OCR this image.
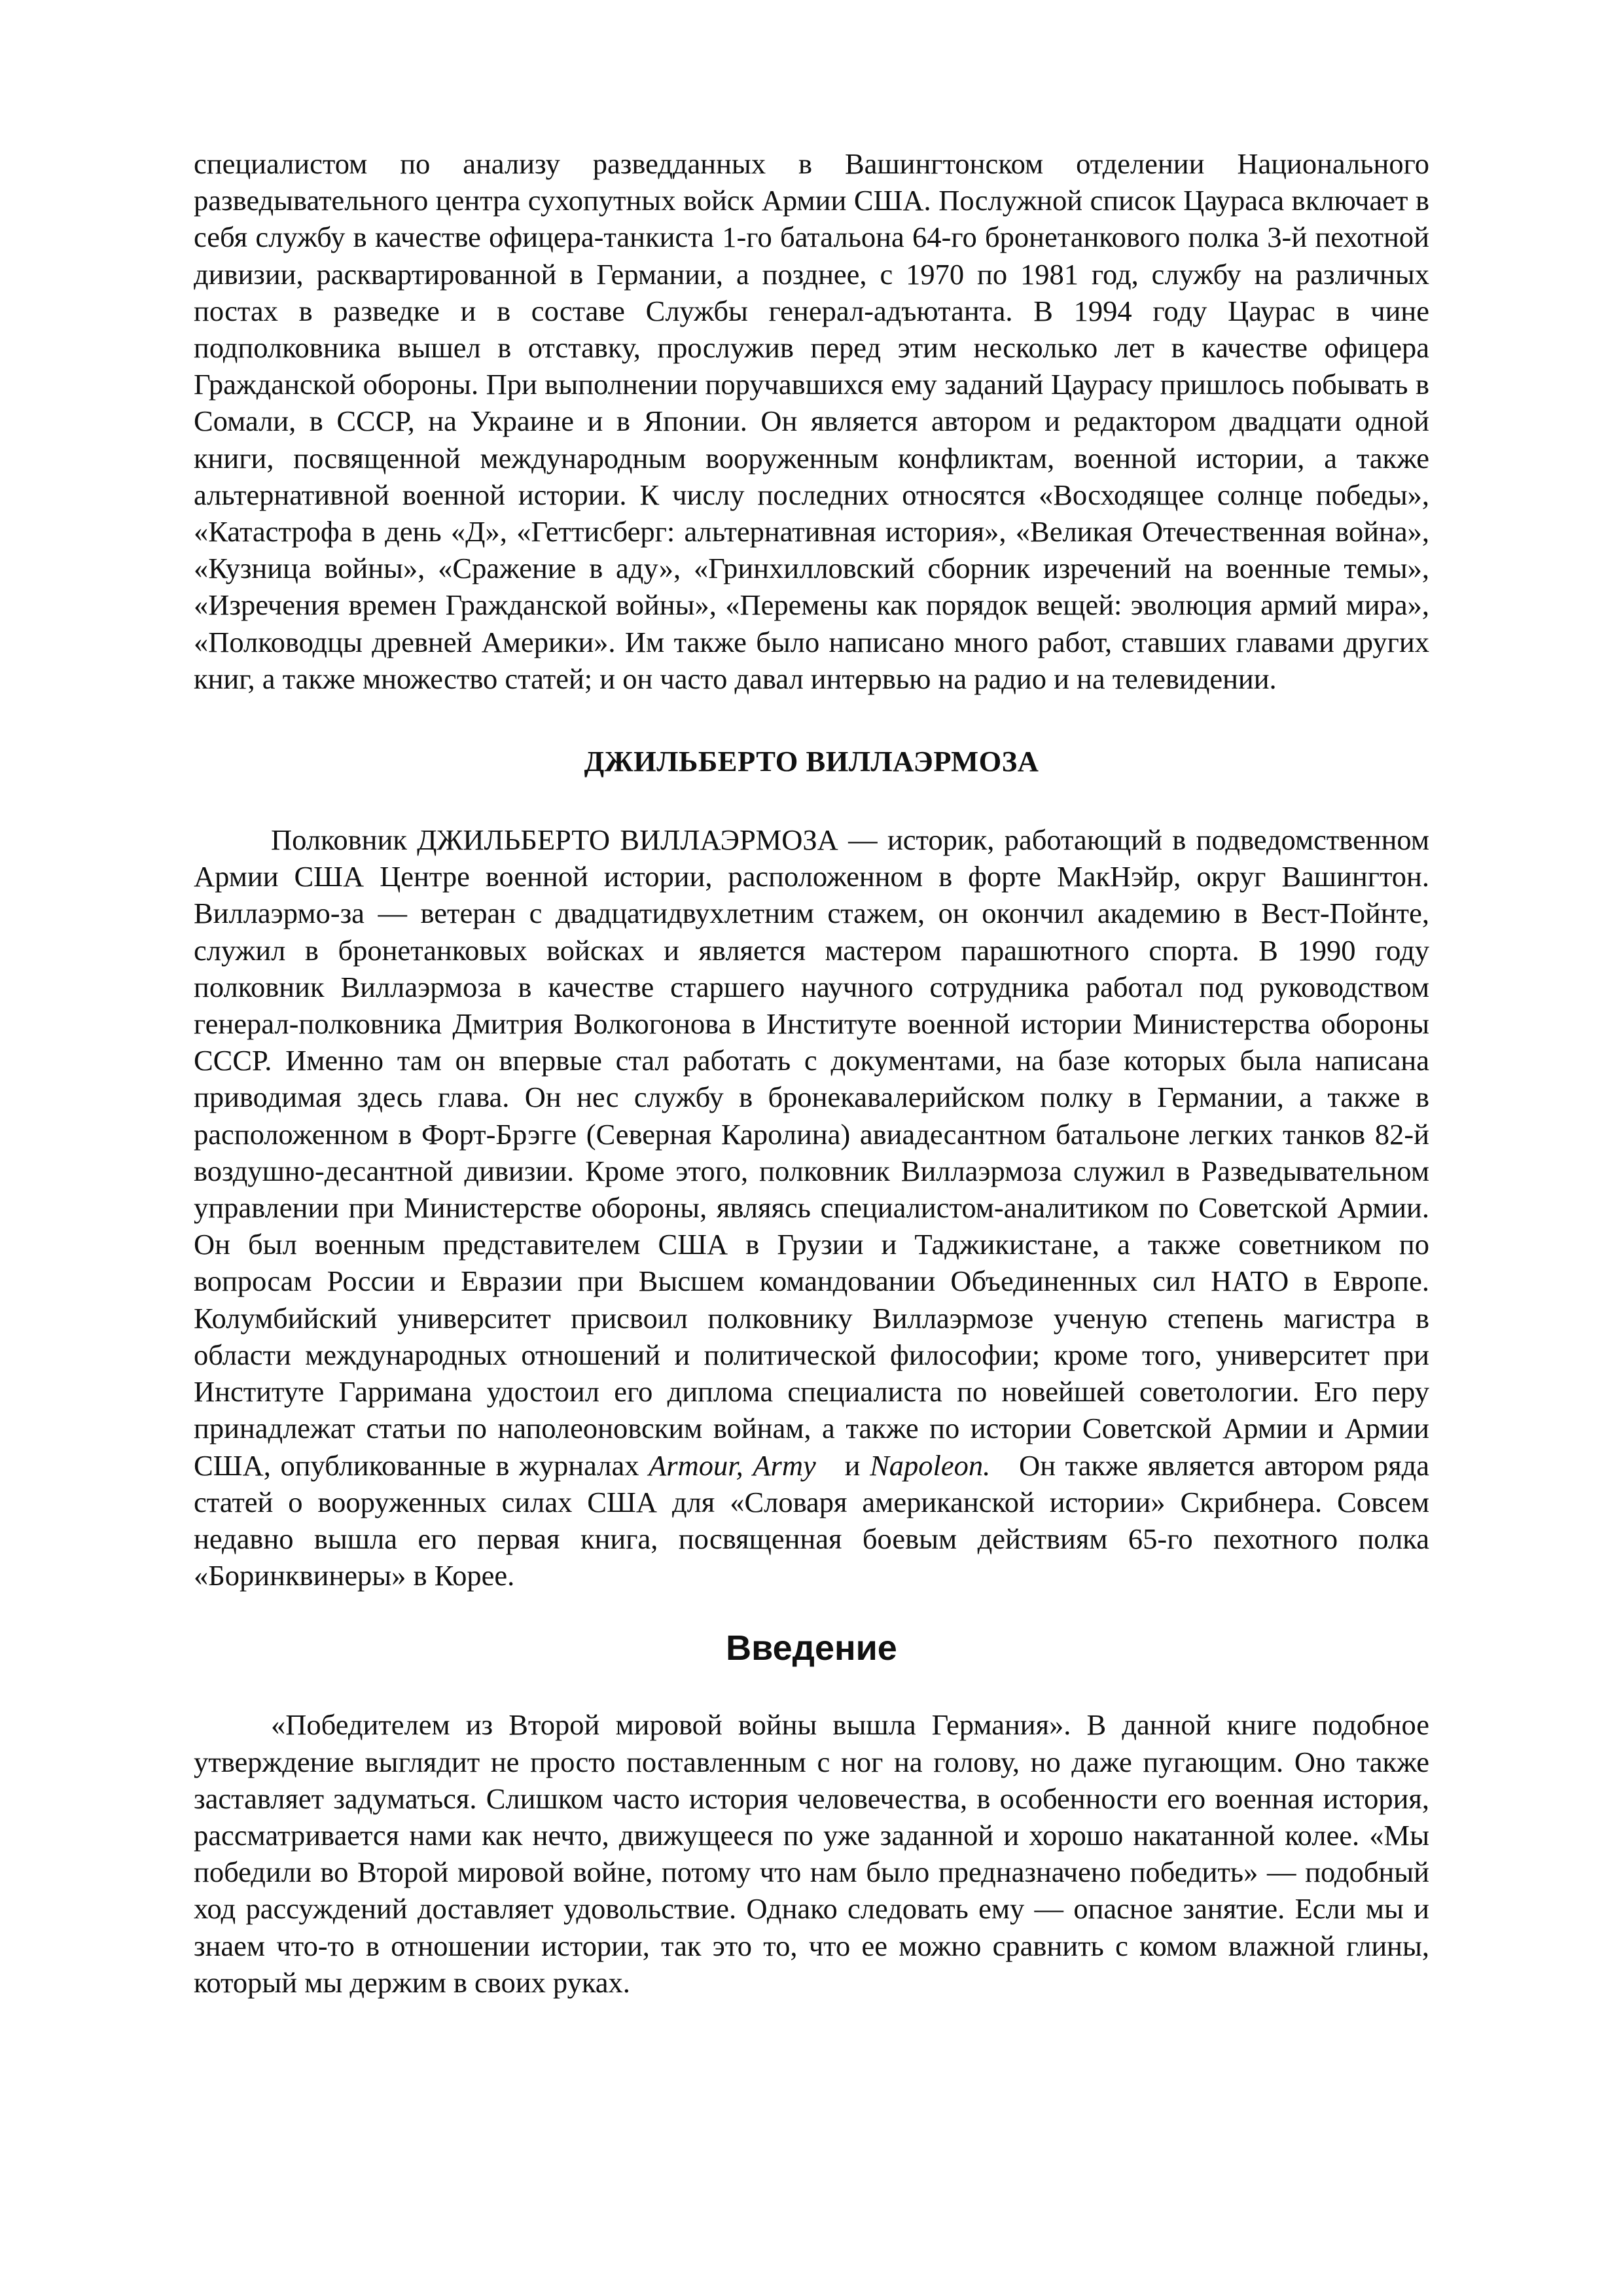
специалистом по анализу разведданных в Вашингтонском отделении Национального разведывательного центра сухопутных войск Армии США. Послужной список Цаураса включает в себя службу в качестве офицера-танкиста 1-го батальона 64-го бронетанкового полка 3-й пехотной дивизии, расквартированной в Германии, а позднее, с 1970 по 1981 год, службу на различных постах в разведке и в составе Службы генерал-адъютанта. В 1994 году Цаурас в чине подполковника вышел в отставку, прослужив перед этим несколько лет в качестве офицера Гражданской обороны. При выполнении поручавшихся ему заданий Цаурасу пришлось побывать в Сомали, в СССР, на Украине и в Японии. Он является автором и редактором двадцати одной книги, посвященной международным вооруженным конфликтам, военной истории, а также альтернативной военной истории. К числу последних относятся «Восходящее солнце победы», «Катастрофа в день «Д», «Геттисберг: альтернативная история», «Великая Отечественная война», «Кузница войны», «Сражение в аду», «Гринхилловский сборник изречений на военные темы», «Изречения времен Гражданской войны», «Перемены как порядок вещей: эволюция армий мира», «Полководцы древней Америки». Им также было написано много работ, ставших главами других книг, а также множество статей; и он часто давал интервью на радио и на телевидении.

ДЖИЛЬБЕРТО ВИЛЛАЭРМОЗА

Полковник ДЖИЛЬБЕРТО ВИЛЛАЭРМОЗА — историк, работающий в подведомственном Армии США Центре военной истории, расположенном в форте МакНэйр, округ Вашингтон. Виллаэрмо-за — ветеран с двадцатидвухлетним стажем, он окончил академию в Вест-Пойнте, служил в бронетанковых войсках и является мастером парашютного спорта. В 1990 году полковник Виллаэрмоза в качестве старшего научного сотрудника работал под руководством генерал-полковника Дмитрия Волкогонова в Институте военной истории Министерства обороны СССР. Именно там он впервые стал работать с документами, на базе которых была написана приводимая здесь глава. Он нес службу в бронекавалерийском полку в Германии, а также в расположенном в Форт-Брэгге (Северная Каролина) авиадесантном батальоне легких танков 82-й воздушно-десантной дивизии. Кроме этого, полковник Виллаэрмоза служил в Разведывательном управлении при Министерстве обороны, являясь специалистом-аналитиком по Советской Армии. Он был военным представителем США в Грузии и Таджикистане, а также советником по вопросам России и Евразии при Высшем командовании Объединенных сил НАТО в Европе. Колумбийский университет присвоил полковнику Виллаэрмозе ученую степень магистра в области международных отношений и политической философии; кроме того, университет при Институте Гарримана удостоил его диплома специалиста по новейшей советологии. Его перу принадлежат статьи по наполеоновским войнам, а также по истории Советской Армии и Армии США, опубликованные в журналах Armour, Army и Napoleon. Он также является автором ряда статей о вооруженных силах США для «Словаря американской истории» Скрибнера. Совсем недавно вышла его первая книга, посвященная боевым действиям 65-го пехотного полка «Боринквинеры» в Корее.

Введение

«Победителем из Второй мировой войны вышла Германия». В данной книге подобное утверждение выглядит не просто поставленным с ног на голову, но даже пугающим. Оно также заставляет задуматься. Слишком часто история человечества, в особенности его военная история, рассматривается нами как нечто, движущееся по уже заданной и хорошо накатанной колее. «Мы победили во Второй мировой войне, потому что нам было предназначено победить» — подобный ход рассуждений доставляет удовольствие. Однако следовать ему — опасное занятие. Если мы и знаем что-то в отношении истории, так это то, что ее можно сравнить с комом влажной глины, который мы держим в своих руках.
